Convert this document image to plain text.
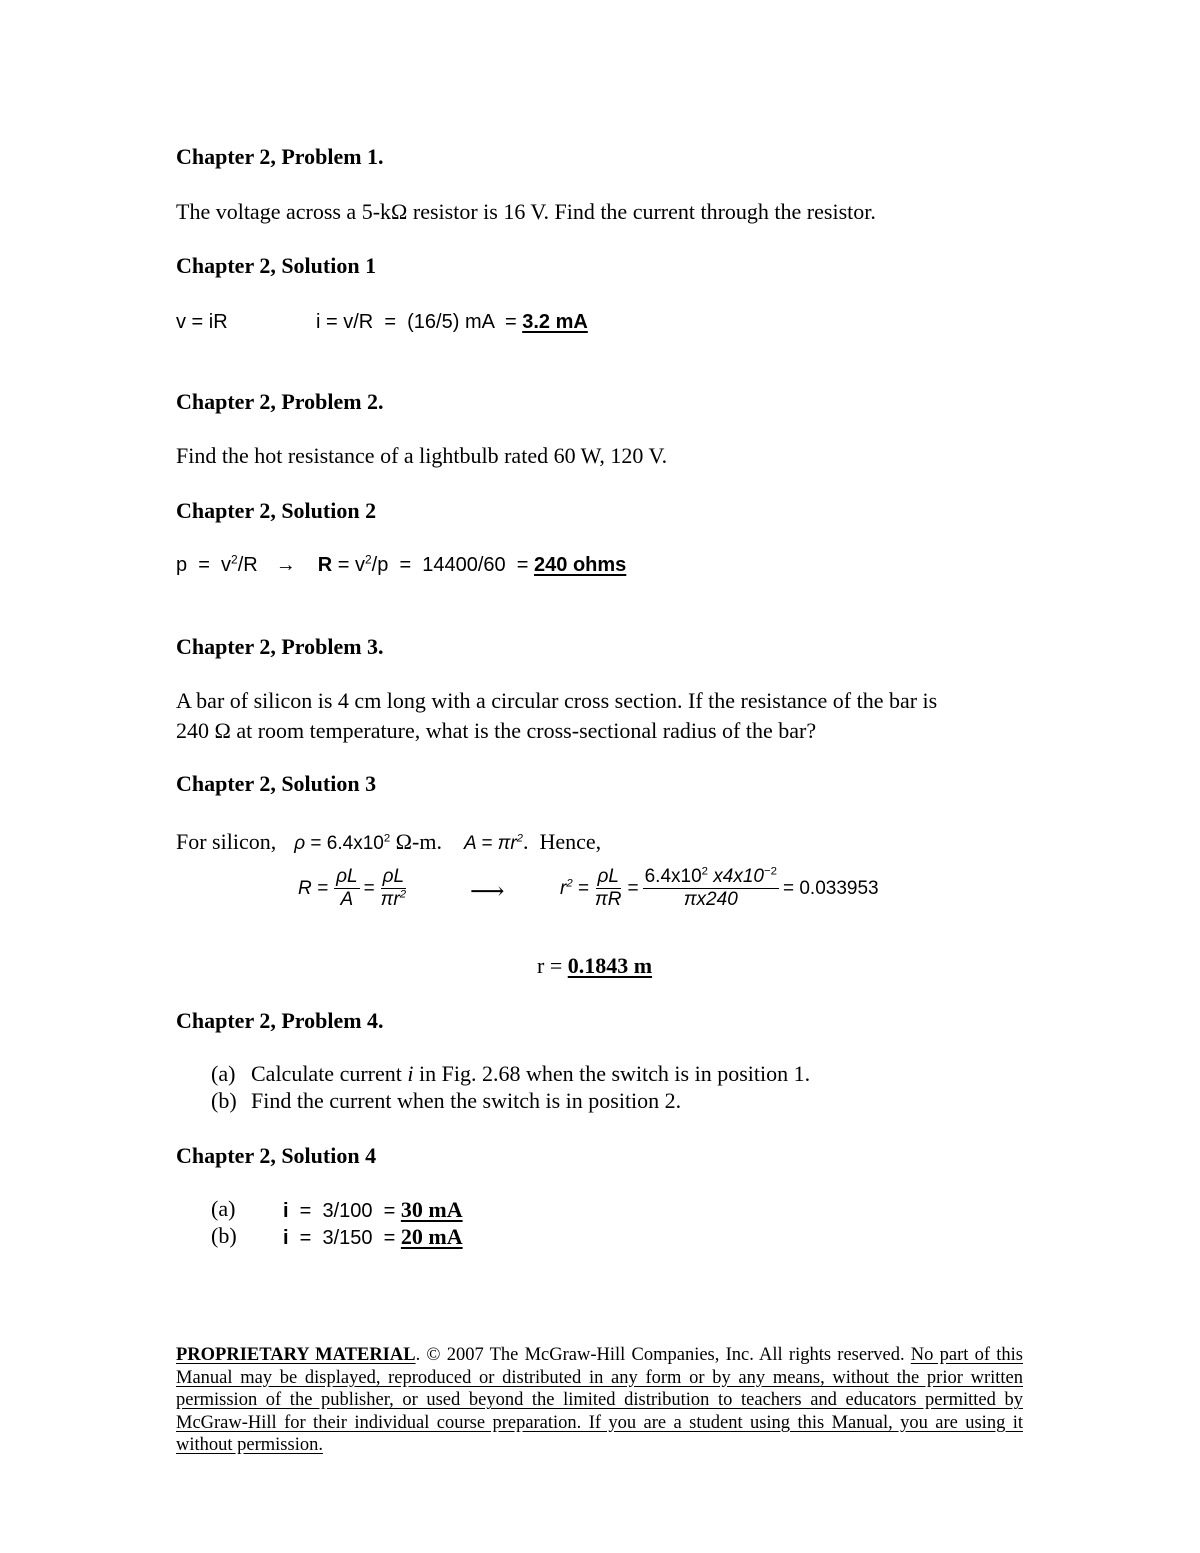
Chapter 2, Problem 1.
The voltage across a 5-kΩ resistor is 16 V. Find the current through the resistor.
Chapter 2, Solution 1
v = iR	i = v/R  =  (16/5) mA  = 3.2 mA
Chapter 2, Problem 2.
Find the hot resistance of a lightbulb rated 60 W, 120 V.
Chapter 2, Solution 2
$p = v^2/R \to R = v^2/p = 14400/60 = 240$ ohms
Chapter 2, Problem 3.
A bar of silicon is 4 cm long with a circular cross section. If the resistance of the bar is
240 Ω at room temperature, what is the cross-sectional radius of the bar?
Chapter 2, Solution 3
For silicon, $\rho = 6.4x10^2$ Ω-m. $A = \pi r^2$.  Hence,
$R = \frac{\rho L}{A} = \frac{\rho L}{\pi r^2}$	⟶	$r^2 = \frac{\rho L}{\pi R} = \frac{6.4x10^2 x4x10^{-2}}{\pi x240} = 0.033953$
r = 0.1843 m
Chapter 2, Problem 4.
(a) Calculate current i in Fig. 2.68 when the switch is in position 1.
(b) Find the current when the switch is in position 2.
Chapter 2, Solution 4
(a) i  =  3/100  = 30 mA
(b) i  =  3/150  = 20 mA
PROPRIETARY MATERIAL. © 2007 The McGraw-Hill Companies, Inc. All rights reserved. No part of this Manual may be displayed, reproduced or distributed in any form or by any means, without the prior written permission of the publisher, or used beyond the limited distribution to teachers and educators permitted by McGraw-Hill for their individual course preparation. If you are a student using this Manual, you are using it without permission.
